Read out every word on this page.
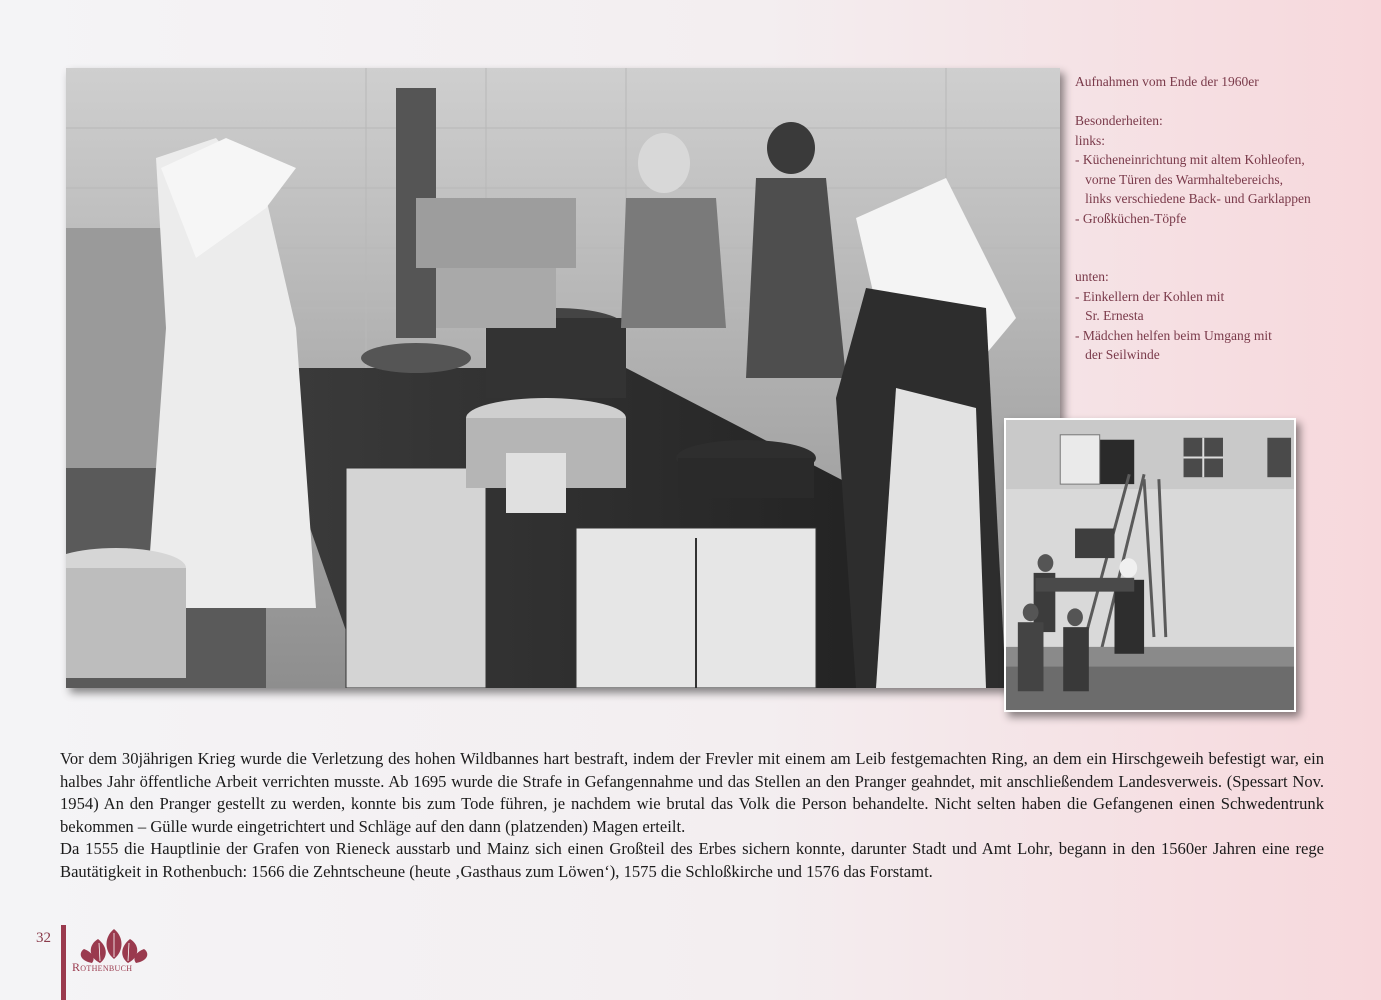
Aufnahmen vom Ende der 1960er
Besonderheiten:
links:
- Kücheneinrichtung mit altem Kohleofen,
vorne Türen des Warmhaltebereichs,
links verschiedene Back- und Garklappen
- Großküchen-Töpfe
unten:
- Einkellern der Kohlen mit
Sr. Ernesta
- Mädchen helfen beim Umgang mit
der Seilwinde

Vor dem 30jährigen Krieg wurde die Verletzung des hohen Wildbannes hart bestraft, indem der Frevler mit einem am Leib festgemachten Ring, an dem ein Hirschgeweih befestigt war, ein halbes Jahr öffentliche Arbeit verrichten musste. Ab 1695 wurde die Strafe in Gefangennahme und das Stellen an den Pranger geahndet, mit anschließendem Landesverweis. (Spessart Nov. 1954) An den Pranger gestellt zu werden, konnte bis zum Tode führen, je nachdem wie brutal das Volk die Person behandelte. Nicht selten haben die Gefangenen einen Schwedentrunk bekommen – Gülle wurde eingetrichtert und Schläge auf den dann (platzenden) Magen erteilt.

Da 1555 die Hauptlinie der Grafen von Rieneck ausstarb und Mainz sich einen Großteil des Erbes sichern konnte, darunter Stadt und Amt Lohr, begann in den 1560er Jahren eine rege Bautätigkeit in Rothenbuch: 1566 die Zehntscheune (heute ‚Gasthaus zum Löwen‘), 1575 die Schloßkirche und 1576 das Forstamt.

32
Rothenbuch
